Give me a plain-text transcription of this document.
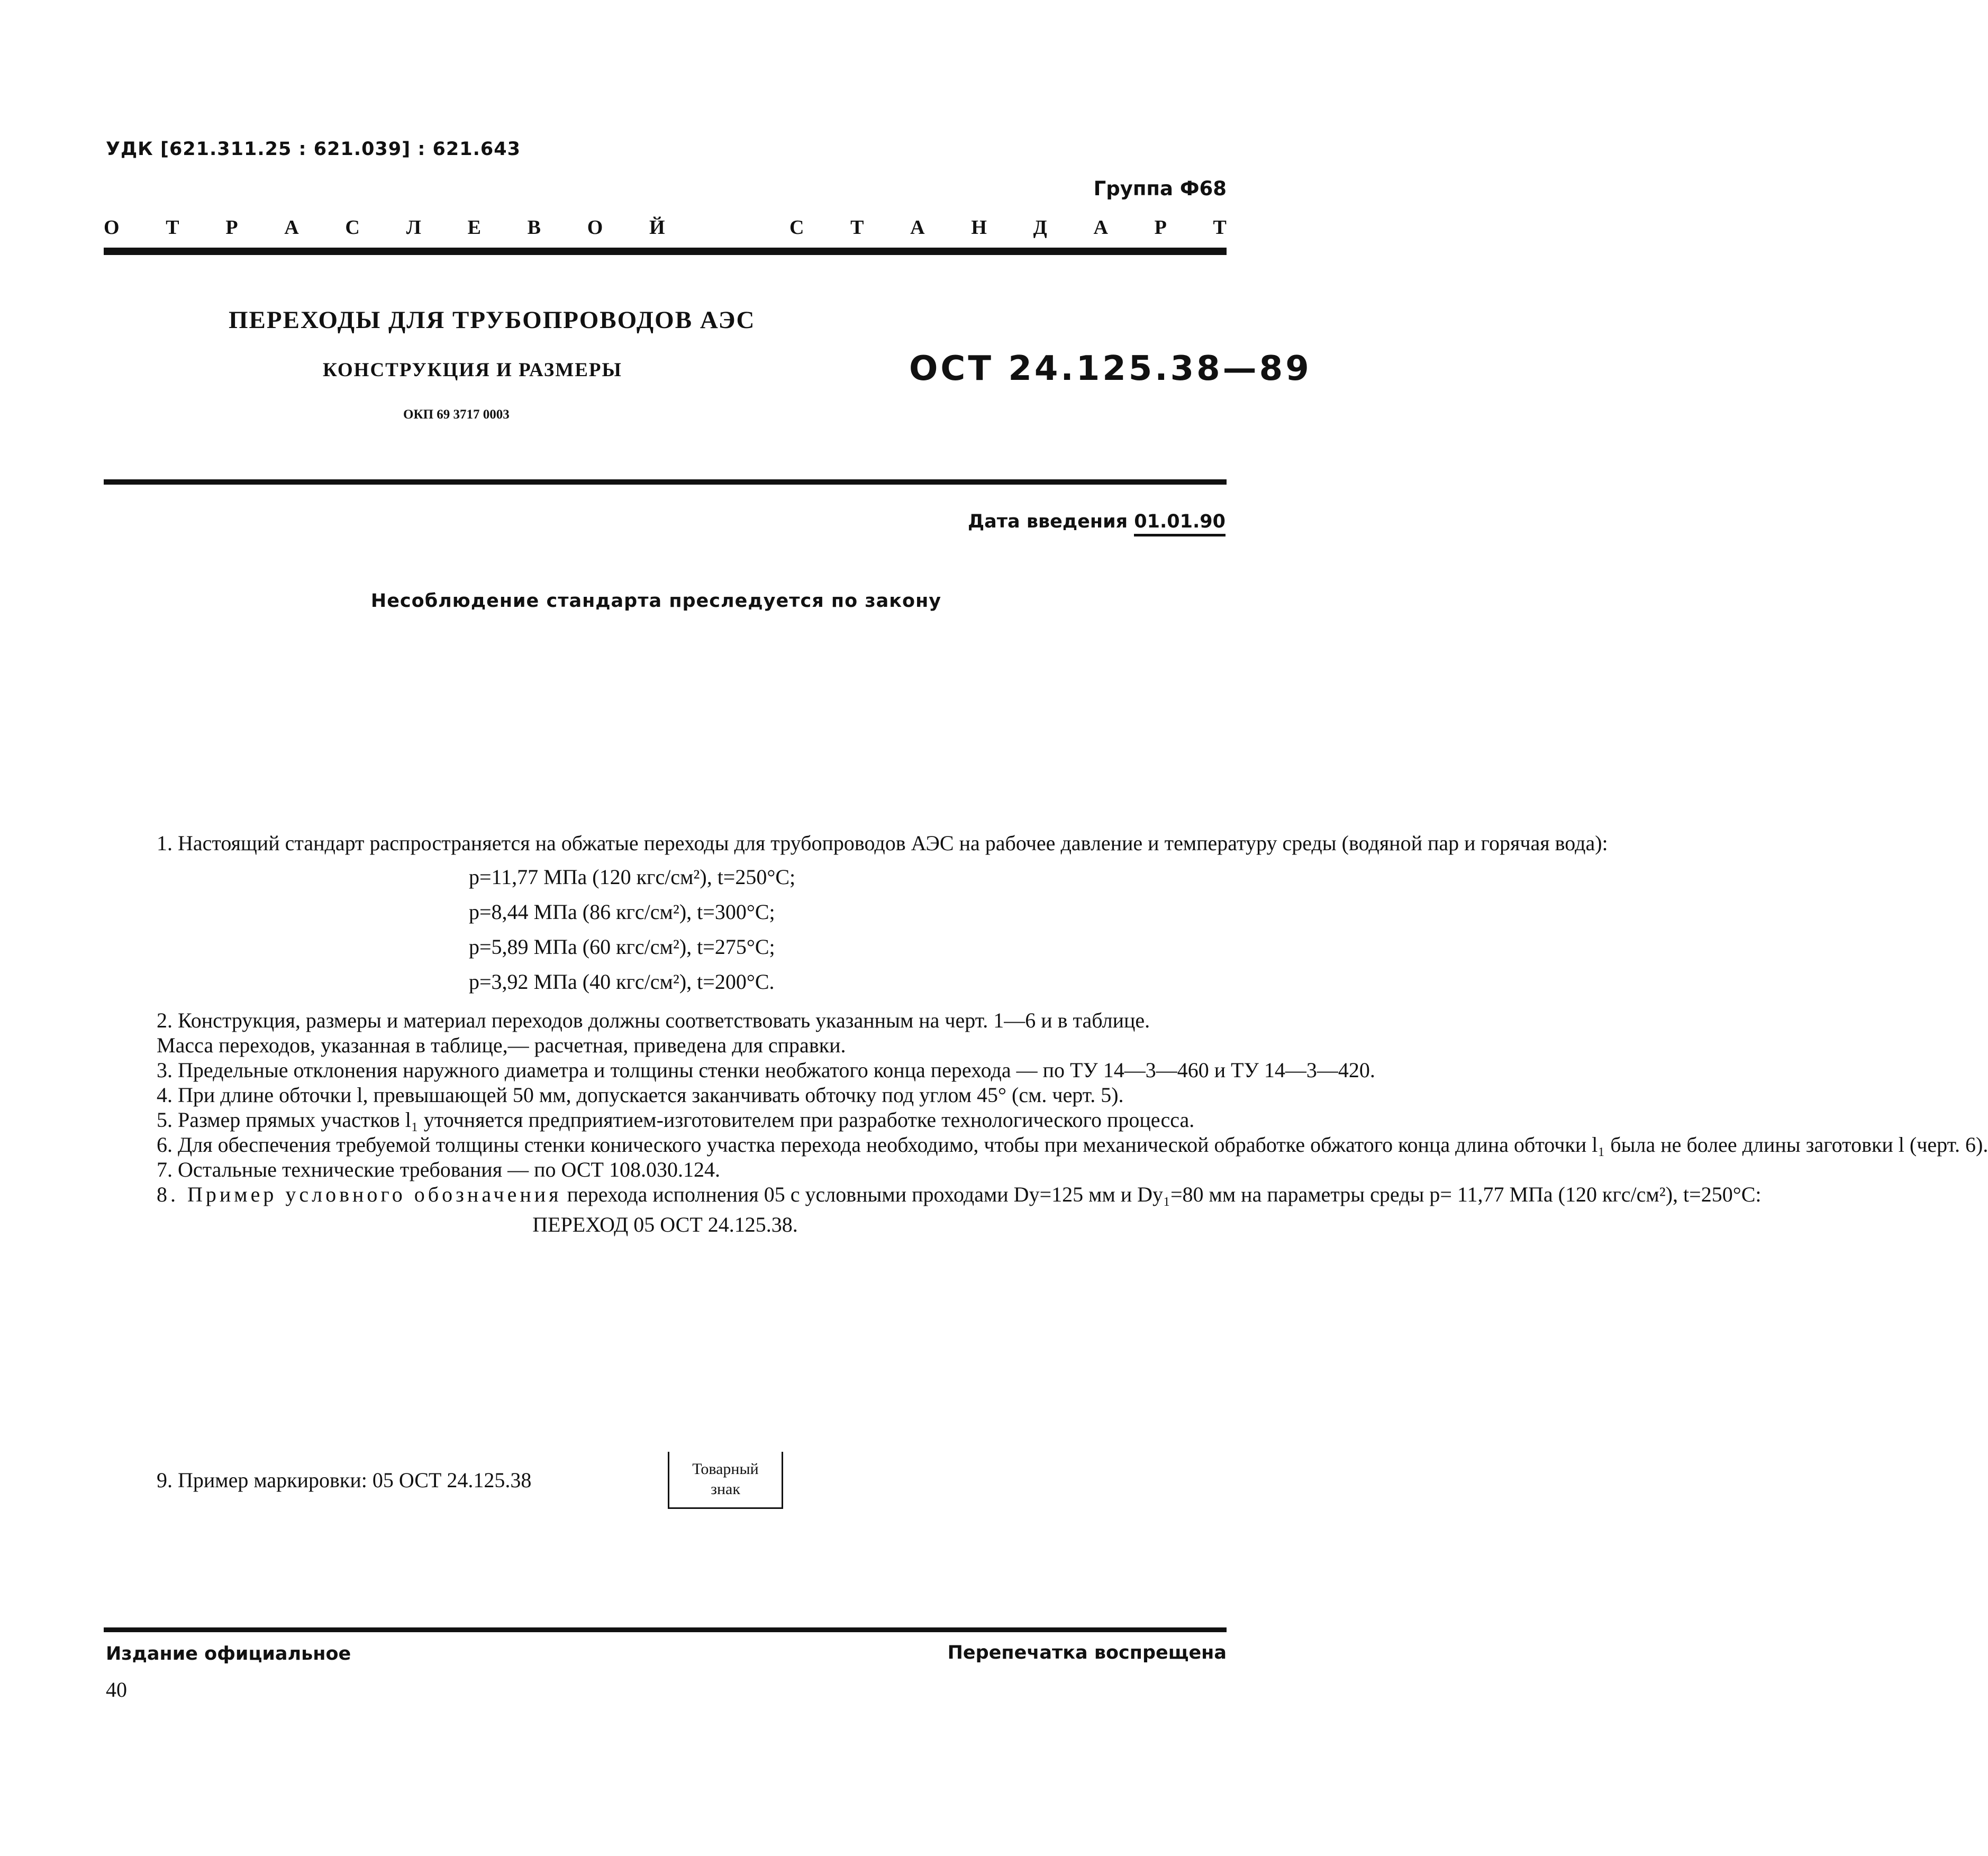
УДК [621.311.25 : 621.039] : 621.643
Группа Ф68
О Т Р А С Л Е В О Й	С Т А Н Д А Р Т
ПЕРЕХОДЫ ДЛЯ ТРУБОПРОВОДОВ АЭС
КОНСТРУКЦИЯ И РАЗМЕРЫ
ОКП 69 3717 0003
ОСТ 24.125.38—89
Дата введения 01.01.90
Несоблюдение стандарта преследуется по закону

1. Настоящий стандарт распространяется на обжатые переходы для трубопроводов АЭС на рабочее давление и температуру среды (водяной пар и горячая вода):

р=11,77 МПа (120 кгс/см²), t=250°С;

р=8,44 МПа (86 кгс/см²), t=300°С;

р=5,89 МПа (60 кгс/см²), t=275°С;

р=3,92 МПа (40 кгс/см²), t=200°С.

2. Конструкция, размеры и материал переходов должны соответствовать указанным на черт. 1—6 и в таблице.

Масса переходов, указанная в таблице,— расчетная, приведена для справки.

3. Предельные отклонения наружного диаметра и толщины стенки необжатого конца перехода — по ТУ 14—3—460 и ТУ 14—3—420.

4. При длине обточки l, превышающей 50 мм, допускается заканчивать обточку под углом 45° (см. черт. 5).

5. Размер прямых участков l₁ уточняется предприятием-изготовителем при разработке технологического процесса.

6. Для обеспечения требуемой толщины стенки конического участка перехода необходимо, чтобы при механической обработке обжатого конца длина обточки l₁ была не более длины заготовки l (черт. 6).

7. Остальные технические требования — по ОСТ 108.030.124.

8. Пример условного обозначения перехода исполнения 05 с условными проходами Dу=125 мм и Dу₁=80 мм на параметры среды р= 11,77 МПа (120 кгс/см²), t=250°С:

ПЕРЕХОД 05 ОСТ 24.125.38.

9. Пример маркировки: 05 ОСТ 24.125.38	Товарный
знак
Издание официальное	Перепечатка воспрещена
40
